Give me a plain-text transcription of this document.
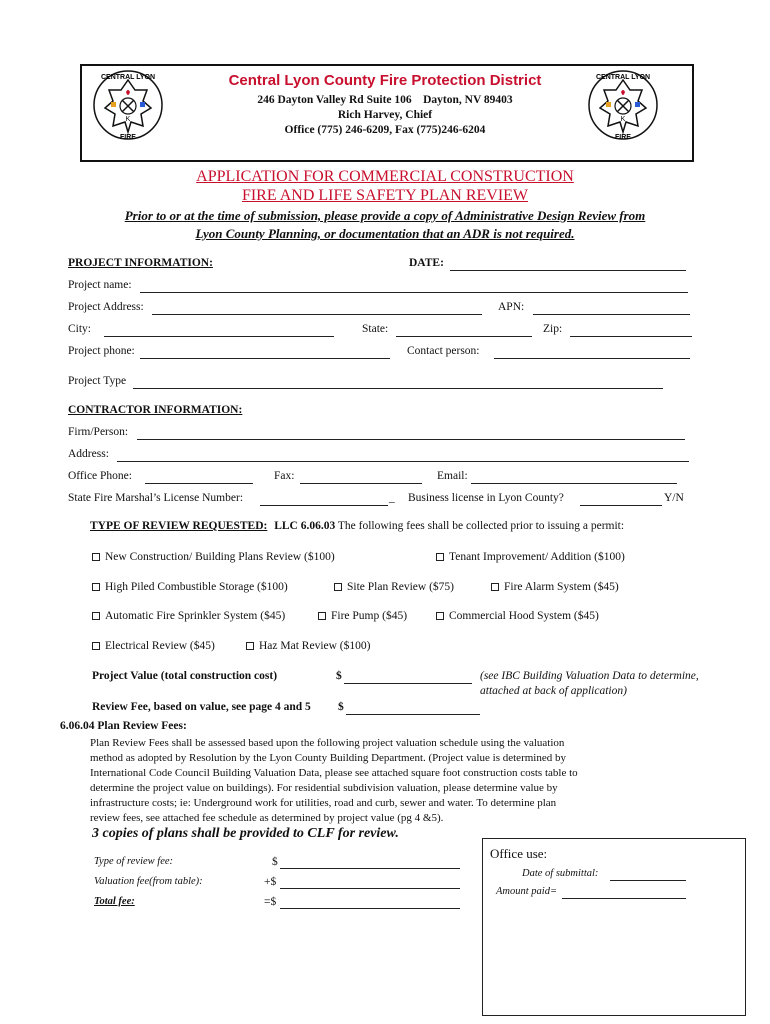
K
CENTRAL LYON
FIRE
K
CENTRAL LYON
FIRE
Central Lyon County Fire Protection District
246 Dayton Valley Rd Suite 106    Dayton, NV 89403
Rich Harvey, Chief
Office (775) 246-6209, Fax (775)246-6204
APPLICATION FOR COMMERCIAL CONSTRUCTION
FIRE AND LIFE SAFETY PLAN REVIEW
Prior to or at the time of submission, please provide a copy of Administrative Design Review from
Lyon County Planning, or documentation that an ADR is not required.
PROJECT INFORMATION:	DATE:
Project name:
Project Address:	APN:
City:	State:	Zip:
Project phone:	Contact person:
Project Type
CONTRACTOR INFORMATION:
Firm/Person:
Address:
Office Phone:	Fax:	Email:
State Fire Marshal’s License Number:	_ Business license in Lyon County?	Y/N
TYPE OF REVIEW REQUESTED: LLC 6.06.03 The following fees shall be collected prior to issuing a permit:
New Construction/ Building Plans Review ($100)	Tenant Improvement/ Addition ($100)
High Piled Combustible Storage ($100)	Site Plan Review ($75)	Fire Alarm System ($45)
Automatic Fire Sprinkler System ($45)	Fire Pump ($45)	Commercial Hood System ($45)
Electrical Review ($45)	Haz Mat Review ($100)
Project Value (total construction cost)	$	(see IBC Building Valuation Data to determine,
attached at back of application)
Review Fee, based on value, see page 4 and 5 $
6.06.04 Plan Review Fees:
Plan Review Fees shall be assessed based upon the following project valuation schedule using the valuation
method as adopted by Resolution by the Lyon County Building Department. (Project value is determined by
International Code Council Building Valuation Data, please see attached square foot construction costs table to
determine the project value on buildings). For residential subdivision valuation, please determine value by
infrastructure costs; ie: Underground work for utilities, road and curb, sewer and water. To determine plan
review fees, see attached fee schedule as determined by project value (pg 4 &5).
3 copies of plans shall be provided to CLF for review.
Type of review fee:	$
Valuation fee(from table):	+$
Total fee:	=$
Office use:
Date of submittal:
Amount paid=
